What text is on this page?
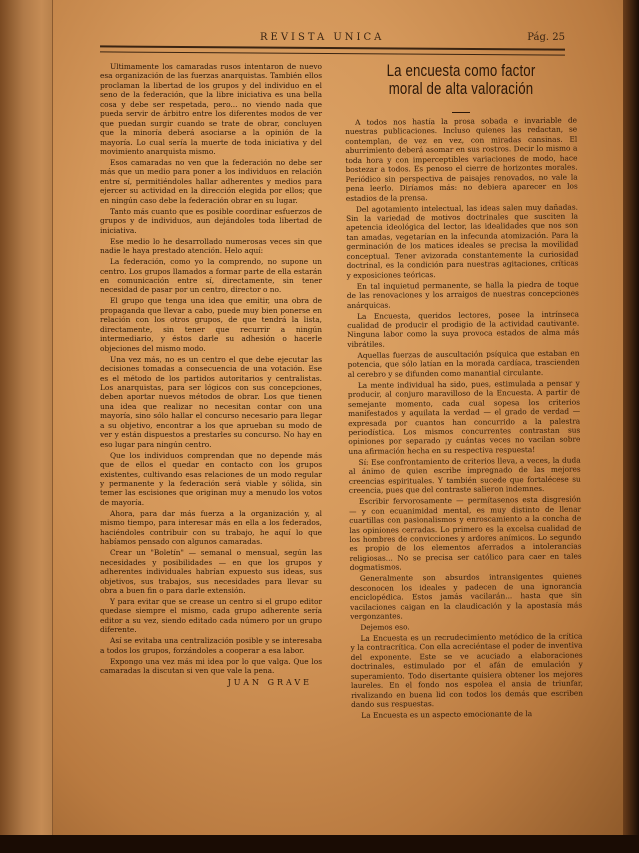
REVISTA UNICA	Pág. 25

Ultimamente los camaradas rusos intentaron de nuevo esa organización de las fuerzas anarquistas. También ellos proclaman la libertad de los grupos y del individuo en el seno de la federación, que la libre iniciativa es una bella cosa y debe ser respetada, pero... no viendo nada que pueda servir de árbitro entre los diferentes modos de ver que puedan surgir cuando se trate de obrar, concluyen que la minoría deberá asociarse a la opinión de la mayoría. Lo cual sería la muerte de toda iniciativa y del movimiento anarquista mismo.

Esos camaradas no ven que la federación no debe ser más que un medio para poner a los individuos en relación entre sí, permitiéndoles hallar adherentes y medios para ejercer su actividad en la dirección elegida por ellos; que en ningún caso debe la federación obrar en su lugar.

Tanto más cuanto que es posible coordinar esfuerzos de grupos y de individuos, aun dejándoles toda libertad de iniciativa.

Ese medio lo he desarrollado numerosas veces sin que nadie le haya prestado atención. Helo aquí:

La federación, como yo la comprendo, no supone un centro. Los grupos llamados a formar parte de ella estarán en comunicación entre sí, directamente, sin tener necesidad de pasar por un centro, director o no.

El grupo que tenga una idea que emitir, una obra de propaganda que llevar a cabo, puede muy bien ponerse en relación con los otros grupos, de que tendrá la lista, directamente, sin tener que recurrir a ningún intermediario, y éstos darle su adhesión o hacerle objeciones del mismo modo.

Una vez más, no es un centro el que debe ejecutar las decisiones tomadas a consecuencia de una votación. Ese es el método de los partidos autoritarios y centralistas. Los anarquistas, para ser lógicos con sus concepciones, deben aportar nuevos métodos de obrar. Los que tienen una idea que realizar no necesitan contar con una mayoría, sino sólo hallar el concurso necesario para llegar a su objetivo, encontrar a los que aprueban su modo de ver y están dispuestos a prestarles su concurso. No hay en eso lugar para ningún centro.

Que los individuos comprendan que no depende más que de ellos el quedar en contacto con los grupos existentes, cultivando esas relaciones de un modo regular y permanente y la federación será viable y sólida, sin temer las escisiones que originan muy a menudo los votos de mayoría.

Ahora, para dar más fuerza a la organización y, al mismo tiempo, para interesar más en ella a los federados, haciéndoles contribuir con su trabajo, he aquí lo que habíamos pensado con algunos camaradas.

Crear un "Boletín" — semanal o mensual, según las necesidades y posibilidades — en que los grupos y adherentes individuales habrían expuesto sus ideas, sus objetivos, sus trabajos, sus necesidades para llevar su obra a buen fin o para darle extensión.

Y para evitar que se crease un centro si el grupo editor quedase siempre el mismo, cada grupo adherente sería editor a su vez, siendo editado cada número por un grupo diferente.

Así se evitaba una centralización posible y se interesaba a todos los grupos, forzándoles a cooperar a esa labor.

Expongo una vez más mi idea por lo que valga. Que los camaradas la discutan si ven que vale la pena.

JUAN GRAVE
La encuesta como factor moral de alta valoración

A todos nos hastía la prosa sobada e invariable de nuestras publicaciones. Incluso quienes las redactan, se contemplan, de vez en vez, con miradas cansinas. El aburrimiento deberá asomar en sus rostros. Decir lo mismo a toda hora y con imperceptibles variaciones de modo, hace bostezar a todos. Es penoso el cierre de horizontes morales. Periódico sin perspectiva de paisajes renovados, no vale la pena leerlo. Diríamos más: no debiera aparecer en los estadios de la prensa.

Del agotamiento intelectual, las ideas salen muy dañadas. Sin la variedad de motivos doctrinales que susciten la apetencia ideológica del lector, las idealidades que nos son tan amadas, vegetarían en la infecunda atomización. Para la germinación de los matices ideales se precisa la movilidad conceptual. Tener avizorada constantemente la curiosidad doctrinal, es la condición para nuestras agitaciones, críticas y exposiciones teóricas.

En tal inquietud permanente, se halla la piedra de toque de las renovaciones y los arraigos de nuestras concepciones anárquicas.

La Encuesta, queridos lectores, posee la intrínseca cualidad de producir el prodigio de la actividad cautivante. Ninguna labor como la suya provoca estados de alma más vibrátiles.

Aquellas fuerzas de auscultación psíquica que estaban en potencia, que sólo latían en la morada cardíaca, trascienden al cerebro y se difunden como manantial circulante.

La mente individual ha sido, pues, estimulada a pensar y producir, al conjuro maravilloso de la Encuesta. A partir de semejante momento, cada cual sopesa los criterios manifestados y aquilata la verdad — el grado de verdad — expresada por cuantos han concurrido a la palestra periodística. Los mismos concurrentes contrastan sus opiniones por separado ¡y cuántas veces no vacilan sobre una afirmación hecha en su respectiva respuesta!

Sí: Ese confrontamiento de criterios lleva, a veces, la duda al ánimo de quien escribe impregnado de las mejores creencias espirituales. Y también sucede que fortalécese su creencia, pues que del contraste salieron indemnes.

Escribir fervorosamente — permítasenos esta disgresión — y con ecuanimidad mental, es muy distinto de llenar cuartillas con pasionalismos y enroscamiento a la concha de las opiniones cerradas. Lo primero es la excelsa cualidad de los hombres de convicciones y ardores anímicos. Lo segundo es propio de los elementos aferrados a intolerancias religiosas... No se precisa ser católico para caer en tales dogmatismos.

Generalmente son absurdos intransigentes quienes desconocen los ideales y padecen de una ignorancia enciclopédica. Estos jamás vacilarán... hasta que sin vacilaciones caigan en la claudicación y la apostasía más vergonzantes.

Dejemos eso.

La Encuesta es un recrudecimiento metódico de la crítica y la contracrítica. Con ella acreciéntase el poder de inventiva del exponente. Este se ve acuciado a elaboraciones doctrinales, estimulado por el afán de emulación y superamiento. Todo disertante quisiera obtener los mejores laureles. En el fondo nos espolea el ansia de triunfar, rivalizando en buena lid con todos los demás que escriben dando sus respuestas.

La Encuesta es un aspecto emocionante de la
